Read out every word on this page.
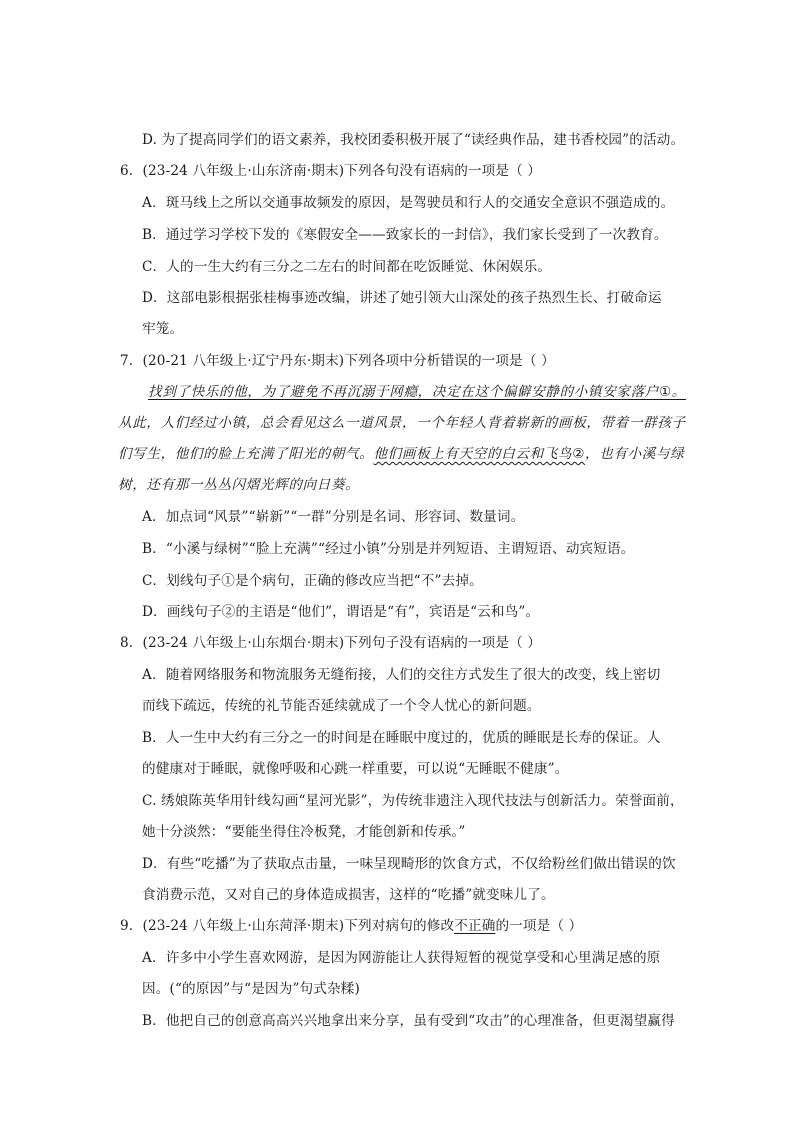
D. 为了提高同学们的语文素养，我校团委积极开展了“读经典作品，建书香校园”的活动。
6．(23-24 八年级上·山东济南·期末)下列各句没有语病的一项是（ ）
A．斑马线上之所以交通事故频发的原因，是驾驶员和行人的交通安全意识不强造成的。
B．通过学习学校下发的《寒假安全——致家长的一封信》，我们家长受到了一次教育。
C．人的一生大约有三分之二左右的时间都在吃饭睡觉、休闲娱乐。
D．这部电影根据张桂梅事迹改编，讲述了她引领大山深处的孩子热烈生长、打破命运
牢笼。
7．(20-21 八年级上·辽宁丹东·期末)下列各项中分析错误的一项是（ ）
找到了快乐的他，为了避免不再沉溺于网瘾，决定在这个偏僻安静的小镇安家落户①。
从此，人们经过小镇，总会看见这么一道风景，一个年轻人背着崭新的画板，带着一群孩子
们写生，他们的脸上充满了阳光的朝气。他们画板上有天空的白云和飞鸟②，也有小溪与绿
树，还有那一丛丛闪熠光辉的向日葵。
A．加点词“风景”“崭新”“一群”分别是名词、形容词、数量词。
B．“小溪与绿树”“脸上充满”“经过小镇”分别是并列短语、主谓短语、动宾短语。
C．划线句子①是个病句，正确的修改应当把“不”去掉。
D．画线句子②的主语是“他们”，谓语是“有”，宾语是“云和鸟”。
8．(23-24 八年级上·山东烟台·期末)下列句子没有语病的一项是（ ）
A．随着网络服务和物流服务无缝衔接，人们的交往方式发生了很大的改变，线上密切
而线下疏远，传统的礼节能否延续就成了一个令人忧心的新问题。
B．人一生中大约有三分之一的时间是在睡眠中度过的，优质的睡眠是长寿的保证。人
的健康对于睡眠，就像呼吸和心跳一样重要，可以说“无睡眠不健康”。
C. 绣娘陈英华用针线勾画“星河光影”，为传统非遗注入现代技法与创新活力。荣誉面前，
她十分淡然：“要能坐得住冷板凳，才能创新和传承。”
D．有些“吃播”为了获取点击量，一味呈现畸形的饮食方式，不仅给粉丝们做出错误的饮
食消费示范，又对自己的身体造成损害，这样的“吃播”就变味儿了。
9．(23-24 八年级上·山东菏泽·期末)下列对病句的修改不正确的一项是（ ）
A．许多中小学生喜欢网游，是因为网游能让人获得短暂的视觉享受和心里满足感的原
因。(“的原因”与“是因为”句式杂糅)
B．他把自己的创意高高兴兴地拿出来分享，虽有受到“攻击”的心理准备，但更渴望赢得
